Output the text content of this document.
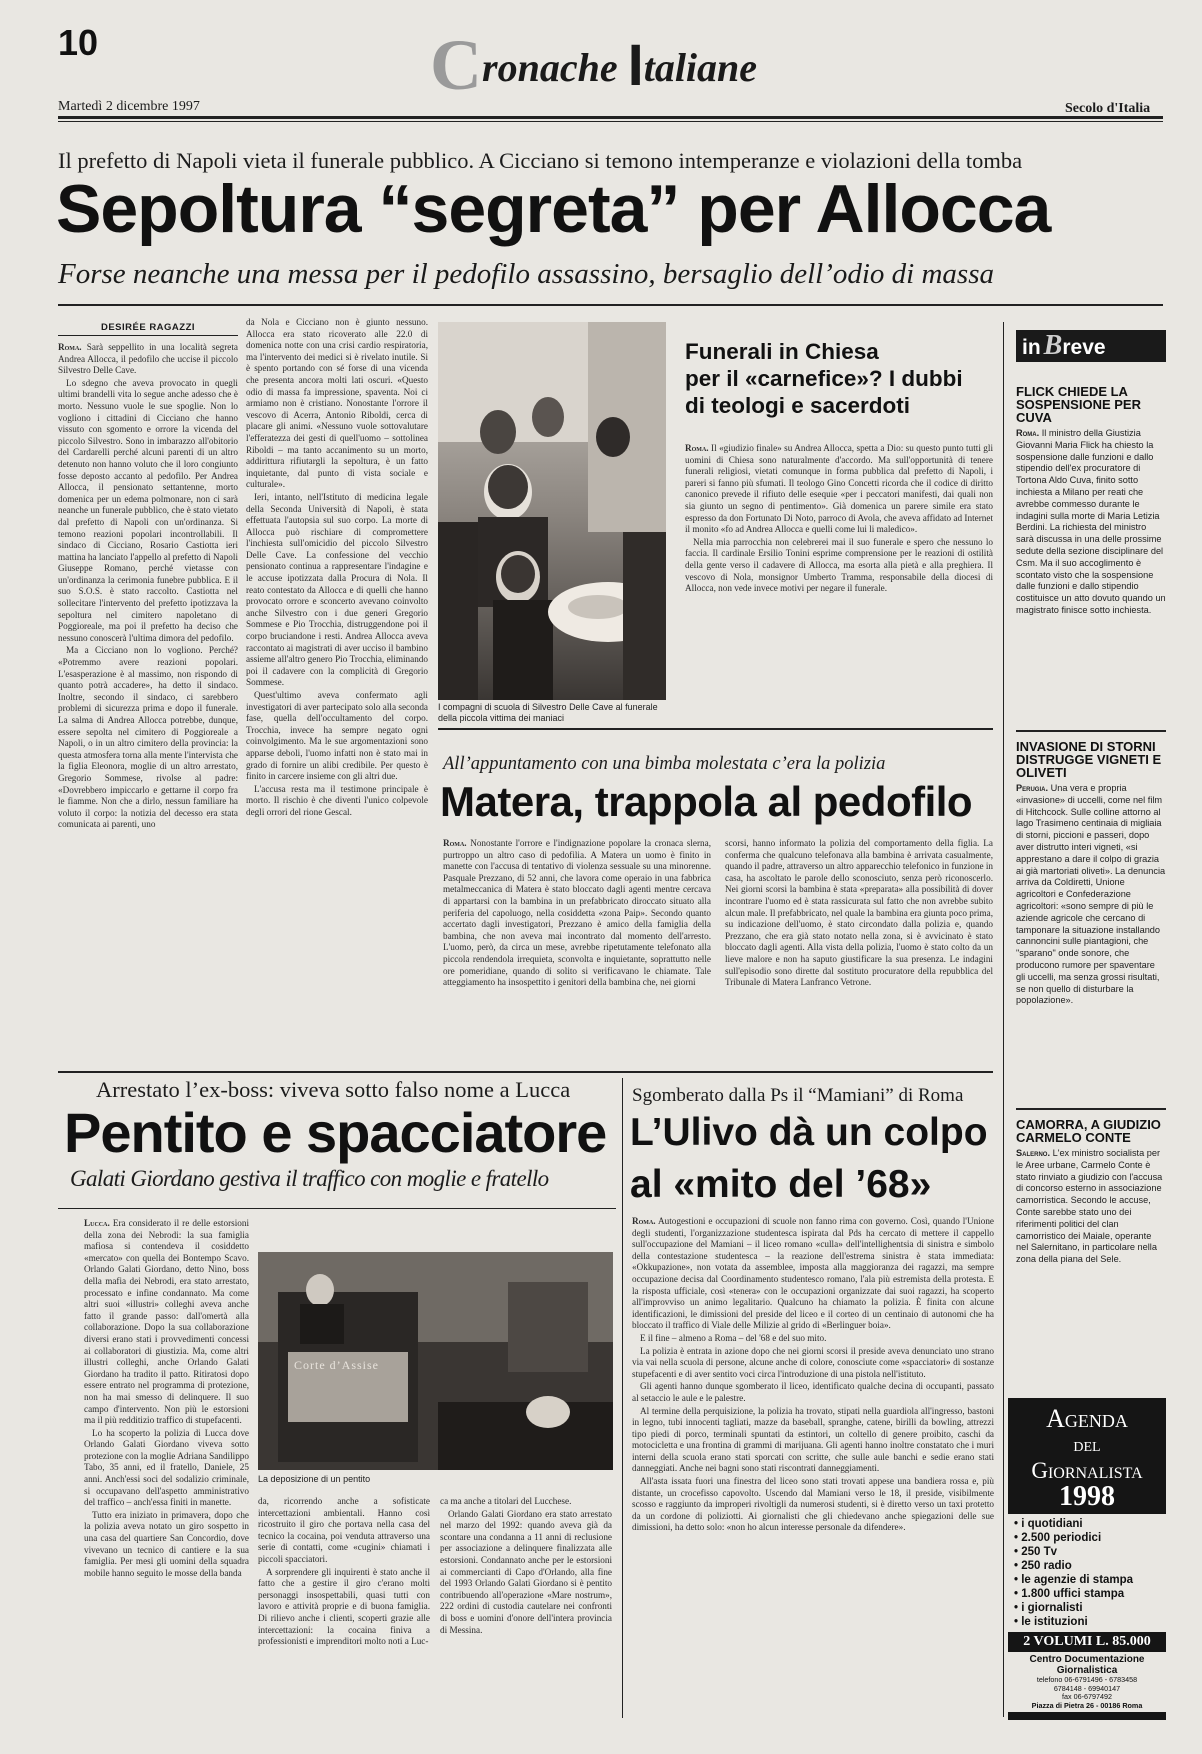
10	Cronache Italiane
Martedì 2 dicembre 1997	Secolo d'Italia
Il prefetto di Napoli vieta il funerale pubblico. A Cicciano si temono intemperanze e violazioni della tomba
Sepoltura “segreta” per Allocca
Forse neanche una messa per il pedofilo assassino, bersaglio dell’odio di massa
DESIRÉE RAGAZZI

Roma. Sarà seppellito in una località segreta Andrea Allocca, il pedofilo che uccise il piccolo Silvestro Delle Cave.

Lo sdegno che aveva provocato in quegli ultimi brandelli vita lo segue anche adesso che è morto. Nessuno vuole le sue spoglie. Non lo vogliono i cittadini di Cicciano che hanno vissuto con sgomento e orrore la vicenda del piccolo Silvestro. Sono in imbarazzo all'obitorio del Cardarelli perché alcuni parenti di un altro detenuto non hanno voluto che il loro congiunto fosse deposto accanto al pedofilo. Per Andrea Allocca, il pensionato settantenne, morto domenica per un edema polmonare, non ci sarà neanche un funerale pubblico, che è stato vietato dal prefetto di Napoli con un'ordinanza. Si temono reazioni popolari incontrollabili. Il sindaco di Cicciano, Rosario Castiotta ieri mattina ha lanciato l'appello al prefetto di Napoli Giuseppe Romano, perché vietasse con un'ordinanza la cerimonia funebre pubblica. E il suo S.O.S. è stato raccolto. Castiotta nel sollecitare l'intervento del prefetto ipotizzava la sepoltura nel cimitero napoletano di Poggioreale, ma poi il prefetto ha deciso che nessuno conoscerà l'ultima dimora del pedofilo.

Ma a Cicciano non lo vogliono. Perché? «Potremmo avere reazioni popolari. L'esasperazione è al massimo, non rispondo di quanto potrà accadere», ha detto il sindaco. Inoltre, secondo il sindaco, ci sarebbero problemi di sicurezza prima e dopo il funerale. La salma di Andrea Allocca potrebbe, dunque, essere sepolta nel cimitero di Poggioreale a Napoli, o in un altro cimitero della provincia: la questa atmosfera torna alla mente l'intervista che la figlia Eleonora, moglie di un altro arrestato, Gregorio Sommese, rivolse al padre: «Dovrebbero impiccarlo e gettarne il corpo fra le fiamme. Non che a dirlo, nessun familiare ha voluto il corpo: la notizia del decesso era stata comunicata ai parenti, uno

da Nola e Cicciano non è giunto nessuno. Allocca era stato ricoverato alle 22.0 di domenica notte con una crisi cardio respiratoria, ma l'intervento dei medici si è rivelato inutile. Si è spento portando con sé forse di una vicenda che presenta ancora molti lati oscuri. «Questo odio di massa fa impressione, spaventa. Noi ci armiamo non è cristiano. Nonostante l'orrore il vescovo di Acerra, Antonio Riboldi, cerca di placare gli animi. «Nessuno vuole sottovalutare l'efferatezza dei gesti di quell'uomo – sottolinea Riboldi – ma tanto accanimento su un morto, addirittura rifiutargli la sepoltura, è un fatto inquietante, dal punto di vista sociale e culturale».

Ieri, intanto, nell'Istituto di medicina legale della Seconda Università di Napoli, è stata effettuata l'autopsia sul suo corpo. La morte di Allocca può rischiare di compromettere l'inchiesta sull'omicidio del piccolo Silvestro Delle Cave. La confessione del vecchio pensionato continua a rappresentare l'indagine e le accuse ipotizzata dalla Procura di Nola. Il reato contestato da Allocca e di quelli che hanno provocato orrore e sconcerto avevano coinvolto anche Silvestro con i due generi Gregorio Sommese e Pio Trocchia, distruggendone poi il corpo bruciandone i resti. Andrea Allocca aveva raccontato ai magistrati di aver ucciso il bambino assieme all'altro genero Pio Trocchia, eliminando poi il cadavere con la complicità di Gregorio Sommese.

Quest'ultimo aveva confermato agli investigatori di aver partecipato solo alla seconda fase, quella dell'occultamento del corpo. Trocchia, invece ha sempre negato ogni coinvolgimento. Ma le sue argomentazioni sono apparse deboli, l'uomo infatti non è stato mai in grado di fornire un alibi credibile. Per questo è finito in carcere insieme con gli altri due.

L'accusa resta ma il testimone principale è morto. Il rischio è che diventi l'unico colpevole degli orrori del rione Gescal.

I compagni di scuola di Silvestro Delle Cave al funerale della piccola vittima dei maniaci
Funerali in Chiesa
per il «carnefice»? I dubbi
di teologi e sacerdoti

Roma. Il «giudizio finale» su Andrea Allocca, spetta a Dio: su questo punto tutti gli uomini di Chiesa sono naturalmente d'accordo. Ma sull'opportunità di tenere funerali religiosi, vietati comunque in forma pubblica dal prefetto di Napoli, i pareri si fanno più sfumati. Il teologo Gino Concetti ricorda che il codice di diritto canonico prevede il rifiuto delle esequie «per i peccatori manifesti, dai quali non sia giunto un segno di pentimento». Già domenica un parere simile era stato espresso da don Fortunato Di Noto, parroco di Avola, che aveva affidato ad Internet il monito «fo ad Andrea Allocca e quelli come lui li maledico».

Nella mia parrocchia non celebrerei mai il suo funerale e spero che nessuno lo faccia. Il cardinale Ersilio Tonini esprime comprensione per le reazioni di ostilità della gente verso il cadavere di Allocca, ma esorta alla pietà e alla preghiera. Il vescovo di Nola, monsignor Umberto Tramma, responsabile della diocesi di Allocca, non vede invece motivi per negare il funerale.

All’appuntamento con una bimba molestata c’era la polizia
Matera, trappola al pedofilo

Roma. Nonostante l'orrore e l'indignazione popolare la cronaca slerna, purtroppo un altro caso di pedofilia. A Matera un uomo è finito in manette con l'accusa di tentativo di violenza sessuale su una minorenne. Pasquale Prezzano, di 52 anni, che lavora come operaio in una fabbrica metalmeccanica di Matera è stato bloccato dagli agenti mentre cercava di appartarsi con la bambina in un prefabbricato diroccato situato alla periferia del capoluogo, nella cosiddetta «zona Paip». Secondo quanto accertato dagli investigatori, Prezzano è amico della famiglia della bambina, che non aveva mai incontrato dal momento dell'arresto. L'uomo, però, da circa un mese, avrebbe ripetutamente telefonato alla piccola rendendola irrequieta, sconvolta e inquietante, soprattutto nelle ore pomeridiane, quando di solito si verificavano le chiamate. Tale atteggiamento ha insospettito i genitori della bambina che, nei giorni

scorsi, hanno informato la polizia del comportamento della figlia. La conferma che qualcuno telefonava alla bambina è arrivata casualmente, quando il padre, attraverso un altro apparecchio telefonico in funzione in casa, ha ascoltato le parole dello sconosciuto, senza però riconoscerlo. Nei giorni scorsi la bambina è stata «preparata» alla possibilità di dover incontrare l'uomo ed è stata rassicurata sul fatto che non avrebbe subito alcun male. Il prefabbricato, nel quale la bambina era giunta poco prima, su indicazione dell'uomo, è stato circondato dalla polizia e, quando Prezzano, che era già stato notato nella zona, si è avvicinato è stato bloccato dagli agenti. Alla vista della polizia, l'uomo è stato colto da un lieve malore e non ha saputo giustificare la sua presenza. Le indagini sull'episodio sono dirette dal sostituto procuratore della repubblica del Tribunale di Matera Lanfranco Vetrone.

Arrestato l’ex-boss: viveva sotto falso nome a Lucca
Pentito e spacciatore
Galati Giordano gestiva il traffico con moglie e fratello

Lucca. Era considerato il re delle estorsioni della zona dei Nebrodi: la sua famiglia mafiosa si contendeva il cosiddetto «mercato» con quella dei Bontempo Scavo. Orlando Galati Giordano, detto Nino, boss della mafia dei Nebrodi, era stato arrestato, processato e infine condannato. Ma come altri suoi «illustri» colleghi aveva anche fatto il grande passo: dall'omertà alla collaborazione. Dopo la sua collaborazione diversi erano stati i provvedimenti concessi ai collaboratori di giustizia. Ma, come altri illustri colleghi, anche Orlando Galati Giordano ha tradito il patto. Ritiratosi dopo essere entrato nel programma di protezione, non ha mai smesso di delinquere. Il suo campo d'intervento. Non più le estorsioni ma il più redditizio traffico di stupefacenti.

Lo ha scoperto la polizia di Lucca dove Orlando Galati Giordano viveva sotto protezione con la moglie Adriana Sandilippo Tabo, 35 anni, ed il fratello, Daniele, 25 anni. Anch'essi soci del sodalizio criminale, si occupavano dell'aspetto amministrativo del traffico – anch'essa finiti in manette.

Tutto era iniziato in primavera, dopo che la polizia aveva notato un giro sospetto in una casa del quartiere San Concordio, dove vivevano un tecnico di cantiere e la sua famiglia. Per mesi gli uomini della squadra mobile hanno seguito le mosse della banda

Corte d’Assise
La deposizione di un pentito

da, ricorrendo anche a sofisticate intercettazioni ambientali. Hanno così ricostruito il giro che portava nella casa del tecnico la cocaina, poi venduta attraverso una serie di contatti, come «cugini» chiamati i piccoli spacciatori.

A sorprendere gli inquirenti è stato anche il fatto che a gestire il giro c'erano molti personaggi insospettabili, quasi tutti con lavoro e attività proprie e di buona famiglia. Di rilievo anche i clienti, scoperti grazie alle intercettazioni: la cocaina finiva a professionisti e imprenditori molto noti a Luc-

ca ma anche a titolari del Lucchese.

Orlando Galati Giordano era stato arrestato nel marzo del 1992: quando aveva già da scontare una condanna a 11 anni di reclusione per associazione a delinquere finalizzata alle estorsioni. Condannato anche per le estorsioni ai commercianti di Capo d'Orlando, alla fine del 1993 Orlando Galati Giordano si è pentito contribuendo all'operazione «Mare nostrum», 222 ordini di custodia cautelare nei confronti di boss e uomini d'onore dell'intera provincia di Messina.

Sgomberato dalla Ps il “Mamiani” di Roma
L’Ulivo dà un colpo
al «mito del ’68»

Roma. Autogestioni e occupazioni di scuole non fanno rima con governo. Così, quando l'Unione degli studenti, l'organizzazione studentesca ispirata dal Pds ha cercato di mettere il cappello sull'occupazione del Mamiani – il liceo romano «culla» dell'intellighentsia di sinistra e simbolo della contestazione studentesca – la reazione dell'estrema sinistra è stata immediata: «Okkupazione», non votata da assemblee, imposta alla maggioranza dei ragazzi, ma sempre occupazione decisa dal Coordinamento studentesco romano, l'ala più estremista della protesta. E la risposta ufficiale, così «tenera» con le occupazioni organizzate dai suoi ragazzi, ha scoperto all'improvviso un animo legalitario. Qualcuno ha chiamato la polizia. È finita con alcune identificazioni, le dimissioni del preside del liceo e il corteo di un centinaio di autonomi che ha bloccato il traffico di Viale delle Milizie al grido di «Berlinguer boia».

E il fine – almeno a Roma – del '68 e del suo mito.

La polizia è entrata in azione dopo che nei giorni scorsi il preside aveva denunciato uno strano via vai nella scuola di persone, alcune anche di colore, conosciute come «spacciatori» di sostanze stupefacenti e di aver sentito voci circa l'introduzione di una pistola nell'istituto.

Gli agenti hanno dunque sgomberato il liceo, identificato qualche decina di occupanti, passato al setaccio le aule e le palestre.

Al termine della perquisizione, la polizia ha trovato, stipati nella guardiola all'ingresso, bastoni in legno, tubi innocenti tagliati, mazze da baseball, spranghe, catene, birilli da bowling, attrezzi tipo piedi di porco, terminali spuntati da estintori, un coltello di genere proibito, caschi da motocicletta e una frontina di grammi di marijuana. Gli agenti hanno inoltre constatato che i muri interni della scuola erano stati sporcati con scritte, che sulle aule banchi e sedie erano stati danneggiati. Anche nei bagni sono stati riscontrati danneggiamenti.

All'asta issata fuori una finestra del liceo sono stati trovati appese una bandiera rossa e, più distante, un crocefisso capovolto. Uscendo dal Mamiani verso le 18, il preside, visibilmente scosso e raggiunto da improperi rivoltigli da numerosi studenti, si è diretto verso un taxi protetto da un cordone di poliziotti. Ai giornalisti che gli chiedevano anche spiegazioni delle sue dimissioni, ha detto solo: «non ho alcun interesse personale da difendere».

in Breve
FLICK CHIEDE LA SOSPENSIONE PER CUVA

Roma. Il ministro della Giustizia Giovanni Maria Flick ha chiesto la sospensione dalle funzioni e dallo stipendio dell'ex procuratore di Tortona Aldo Cuva, finito sotto inchiesta a Milano per reati che avrebbe commesso durante le indagini sulla morte di Maria Letizia Berdini. La richiesta del ministro sarà discussa in una delle prossime sedute della sezione disciplinare del Csm. Ma il suo accoglimento è scontato visto che la sospensione dalle funzioni e dallo stipendio costituisce un atto dovuto quando un magistrato finisce sotto inchiesta.

INVASIONE DI STORNI DISTRUGGE VIGNETI E OLIVETI

Perugia. Una vera e propria «invasione» di uccelli, come nel film di Hitchcock. Sulle colline attorno al lago Trasimeno centinaia di migliaia di storni, piccioni e passeri, dopo aver distrutto interi vigneti, «si apprestano a dare il colpo di grazia ai già martoriati oliveti». La denuncia arriva da Coldiretti, Unione agricoltori e Confederazione agricoltori: «sono sempre di più le aziende agricole che cercano di tamponare la situazione installando cannoncini sulle piantagioni, che "sparano" onde sonore, che producono rumore per spaventare gli uccelli, ma senza grossi risultati, se non quello di disturbare la popolazione».

CAMORRA, A GIUDIZIO CARMELO CONTE

Salerno. L'ex ministro socialista per le Aree urbane, Carmelo Conte è stato rinviato a giudizio con l'accusa di concorso esterno in associazione camorristica. Secondo le accuse, Conte sarebbe stato uno dei riferimenti politici del clan camorristico dei Maiale, operante nel Salernitano, in particolare nella zona della piana del Sele.

Agenda
del
Giornalista
1998
• i quotidiani
• 2.500 periodici
• 250 Tv
• 250 radio
• le agenzie di stampa
• 1.800 uffici stampa
• i giornalisti
• le istituzioni
2 VOLUMI L. 85.000
Centro Documentazione
Giornalistica
telefono 06-6791496 - 6783458
6784148 - 69940147
fax 06-6797492
Piazza di Pietra 26 - 00186 Roma
